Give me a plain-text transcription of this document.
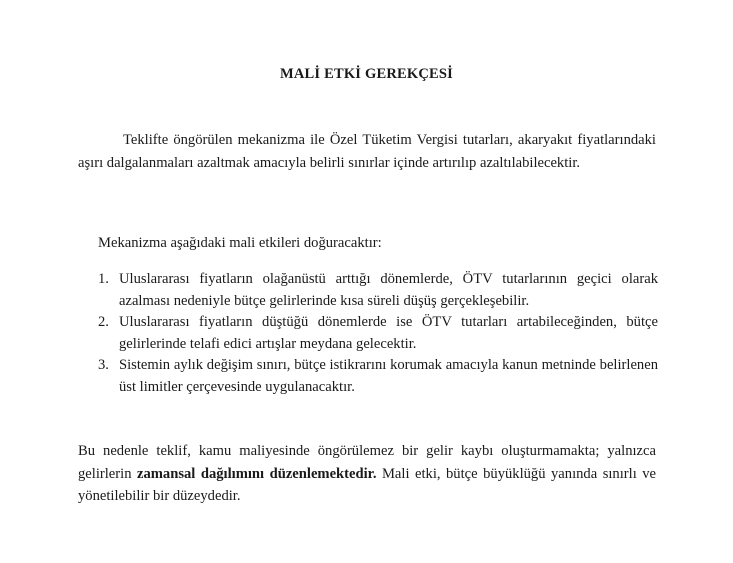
MALİ ETKİ GEREKÇESİ
Teklifte öngörülen mekanizma ile Özel Tüketim Vergisi tutarları, akaryakıt fiyatlarındaki aşırı dalgalanmaları azaltmak amacıyla belirli sınırlar içinde artırılıp azaltılabilecektir.
Mekanizma aşağıdaki mali etkileri doğuracaktır:
1. Uluslararası fiyatların olağanüstü arttığı dönemlerde, ÖTV tutarlarının geçici olarak azalması nedeniyle bütçe gelirlerinde kısa süreli düşüş gerçekleşebilir.
2. Uluslararası fiyatların düştüğü dönemlerde ise ÖTV tutarları artabileceğinden, bütçe gelirlerinde telafi edici artışlar meydana gelecektir.
3. Sistemin aylık değişim sınırı, bütçe istikrarını korumak amacıyla kanun metninde belirlenen üst limitler çerçevesinde uygulanacaktır.
Bu nedenle teklif, kamu maliyesinde öngörülemez bir gelir kaybı oluşturmamakta; yalnızca gelirlerin zamansal dağılımını düzenlemektedir. Mali etki, bütçe büyüklüğü yanında sınırlı ve yönetilebilir bir düzeydedir.
